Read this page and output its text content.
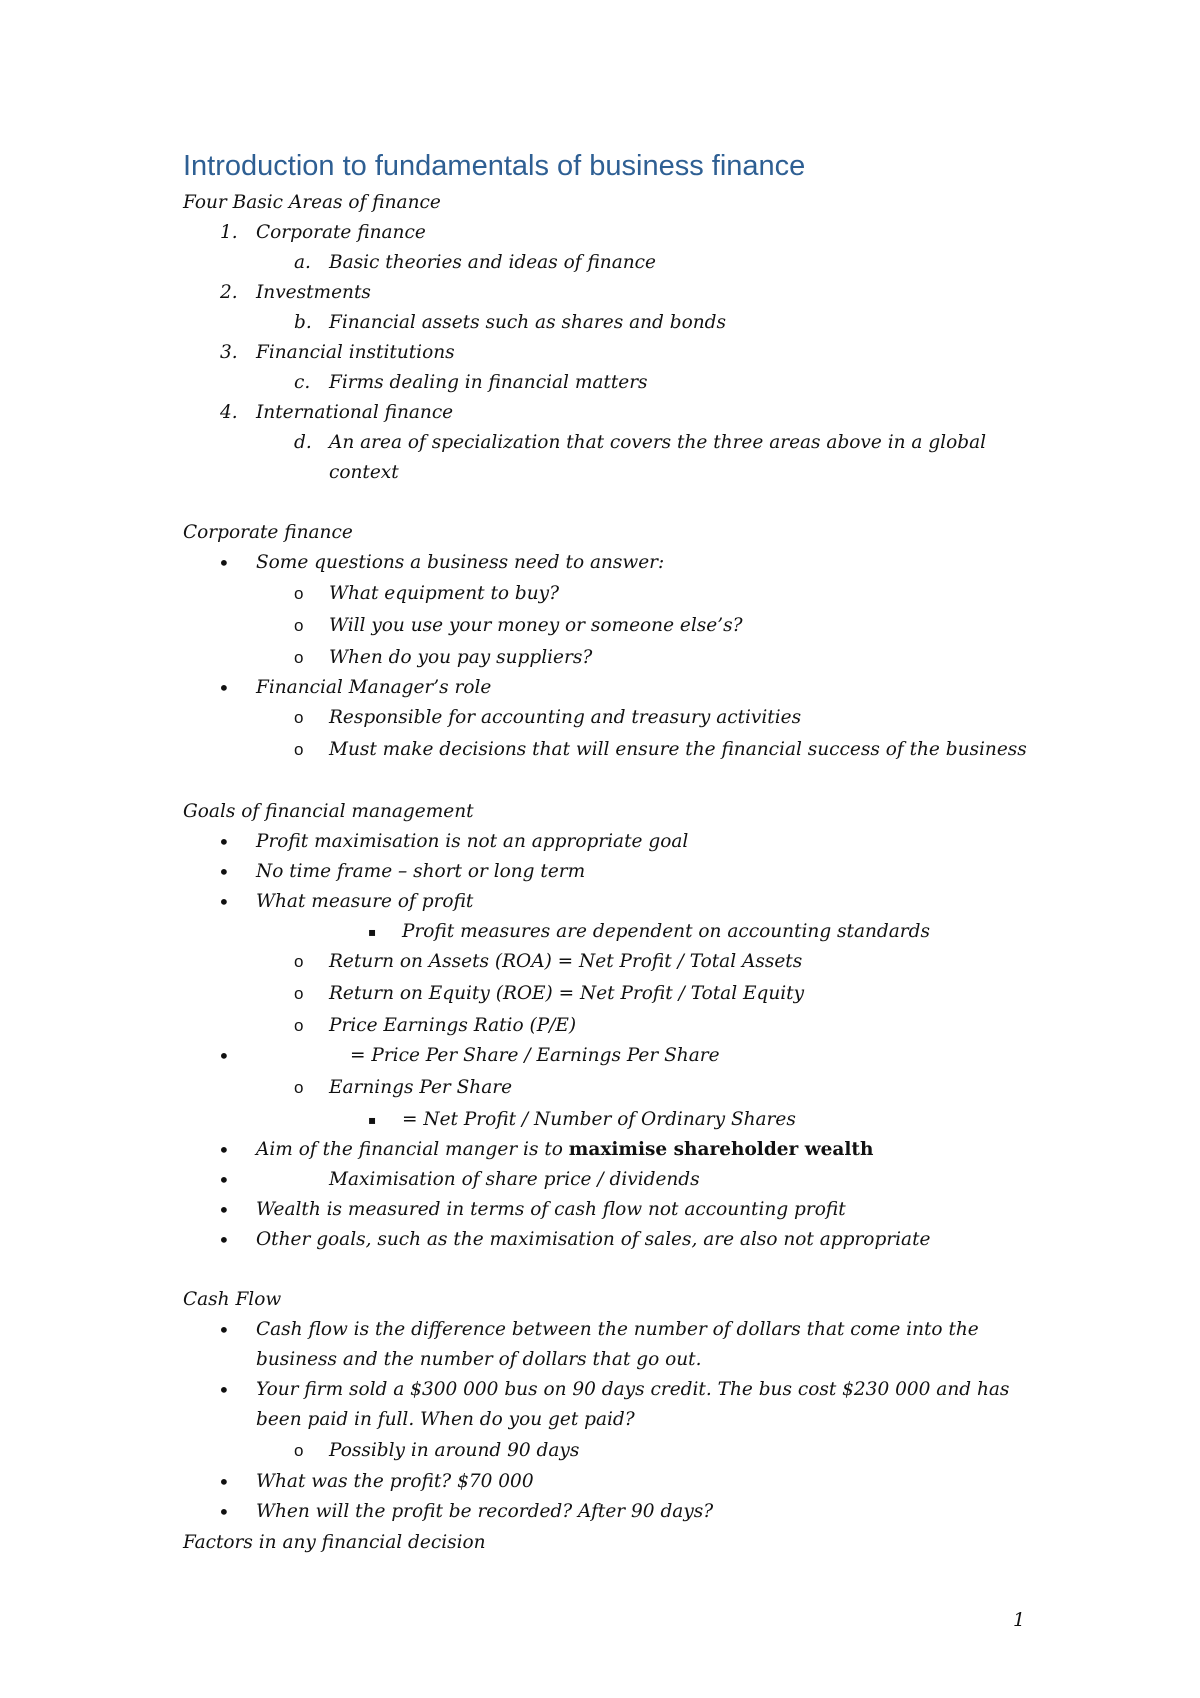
Introduction to fundamentals of business finance
Four Basic Areas of finance
1. Corporate finance
a. Basic theories and ideas of finance
2. Investments
b. Financial assets such as shares and bonds
3. Financial institutions
c. Firms dealing in financial matters
4. International finance
d. An area of specialization that covers the three areas above in a global
context
Corporate finance
• Some questions a business need to answer:
o What equipment to buy?
o Will you use your money or someone else’s?
o When do you pay suppliers?
• Financial Manager’s role
o Responsible for accounting and treasury activities
o Must make decisions that will ensure the financial success of the business
Goals of financial management
• Profit maximisation is not an appropriate goal
• No time frame – short or long term
• What measure of profit
▪ Profit measures are dependent on accounting standards
o Return on Assets (ROA) = Net Profit / Total Assets
o Return on Equity (ROE) = Net Profit / Total Equity
o Price Earnings Ratio (P/E)
•	= Price Per Share / Earnings Per Share
o Earnings Per Share
▪ = Net Profit / Number of Ordinary Shares
• Aim of the financial manger is to maximise shareholder wealth
•	Maximisation of share price / dividends
• Wealth is measured in terms of cash flow not accounting profit
• Other goals, such as the maximisation of sales, are also not appropriate
Cash Flow
• Cash flow is the difference between the number of dollars that come into the
business and the number of dollars that go out.
• Your firm sold a $300 000 bus on 90 days credit. The bus cost $230 000 and has
been paid in full. When do you get paid?
o Possibly in around 90 days
• What was the profit? $70 000
• When will the profit be recorded? After 90 days?
Factors in any financial decision
1
